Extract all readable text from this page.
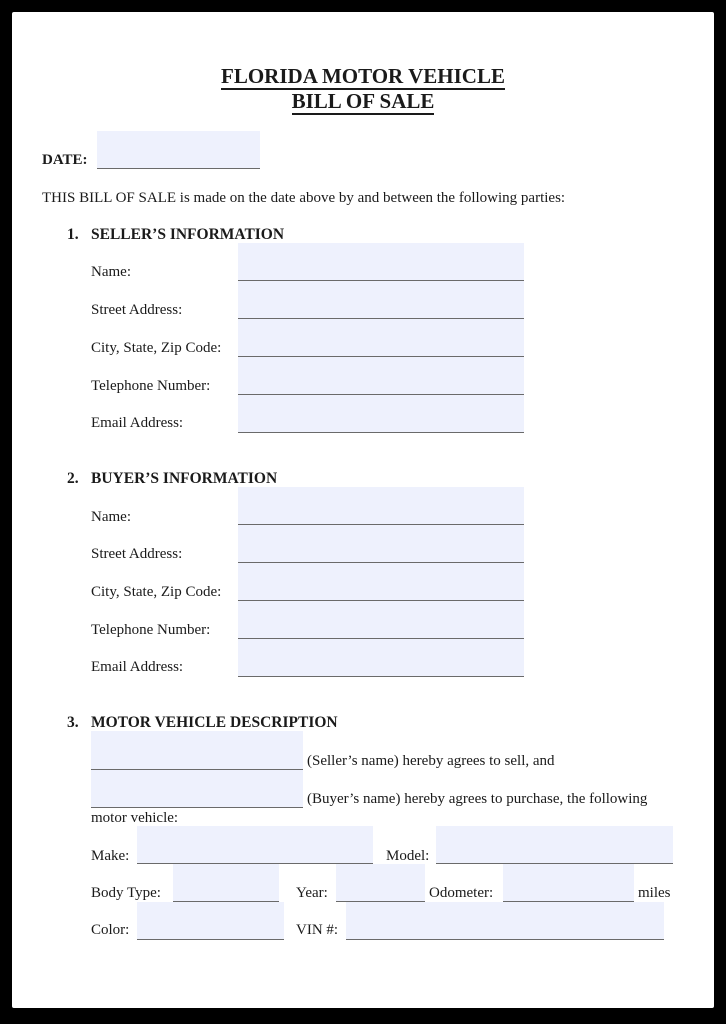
FLORIDA MOTOR VEHICLE
BILL OF SALE
DATE:
THIS BILL OF SALE is made on the date above by and between the following parties:
1. SELLER’S INFORMATION
Name:
Street Address:
City, State, Zip Code:
Telephone Number:
Email Address:
2. BUYER’S INFORMATION
Name:
Street Address:
City, State, Zip Code:
Telephone Number:
Email Address:
3. MOTOR VEHICLE DESCRIPTION
(Seller’s name) hereby agrees to sell, and
(Buyer’s name) hereby agrees to purchase, the following
motor vehicle:
Make:	Model:
Body Type:	Year:	Odometer:	miles
Color:	VIN #:
